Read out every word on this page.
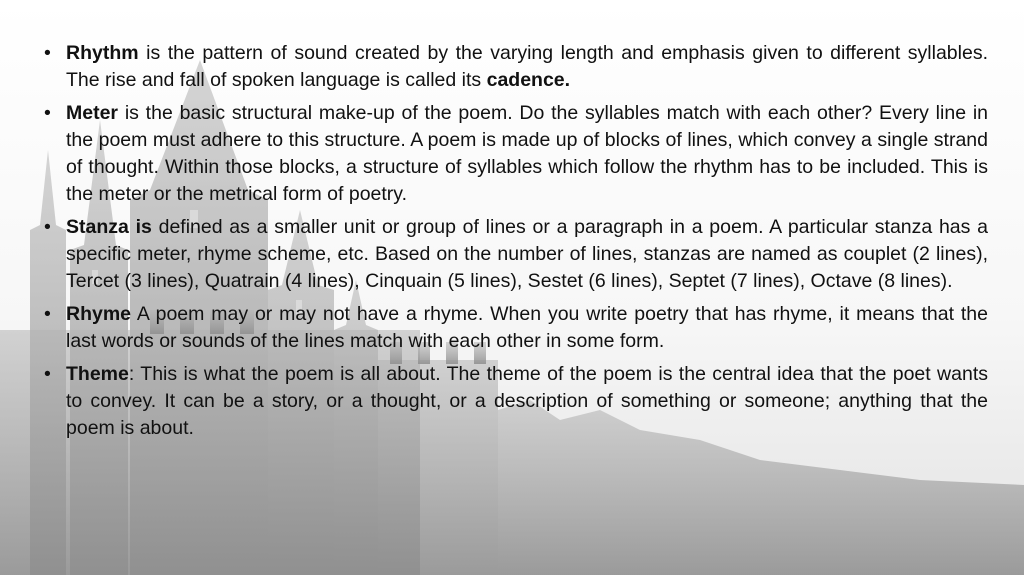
• Rhythm is the pattern of sound created by the varying length and emphasis given to different syllables. The rise and fall of spoken language is called its cadence.
• Meter is the basic structural make-up of the poem. Do the syllables match with each other? Every line in the poem must adhere to this structure. A poem is made up of blocks of lines, which convey a single strand of thought. Within those blocks, a structure of syllables which follow the rhythm has to be included. This is the meter or the metrical form of poetry.
• Stanza is defined as a smaller unit or group of lines or a paragraph in a poem. A particular stanza has a specific meter, rhyme scheme, etc. Based on the number of lines, stanzas are named as couplet (2 lines), Tercet (3 lines), Quatrain (4 lines), Cinquain (5 lines), Sestet (6 lines), Septet (7 lines), Octave (8 lines).
• Rhyme A poem may or may not have a rhyme. When you write poetry that has rhyme, it means that the last words or sounds of the lines match with each other in some form.
• Theme: This is what the poem is all about. The theme of the poem is the central idea that the poet wants to convey. It can be a story, or a thought, or a description of something or someone; anything that the poem is about.
